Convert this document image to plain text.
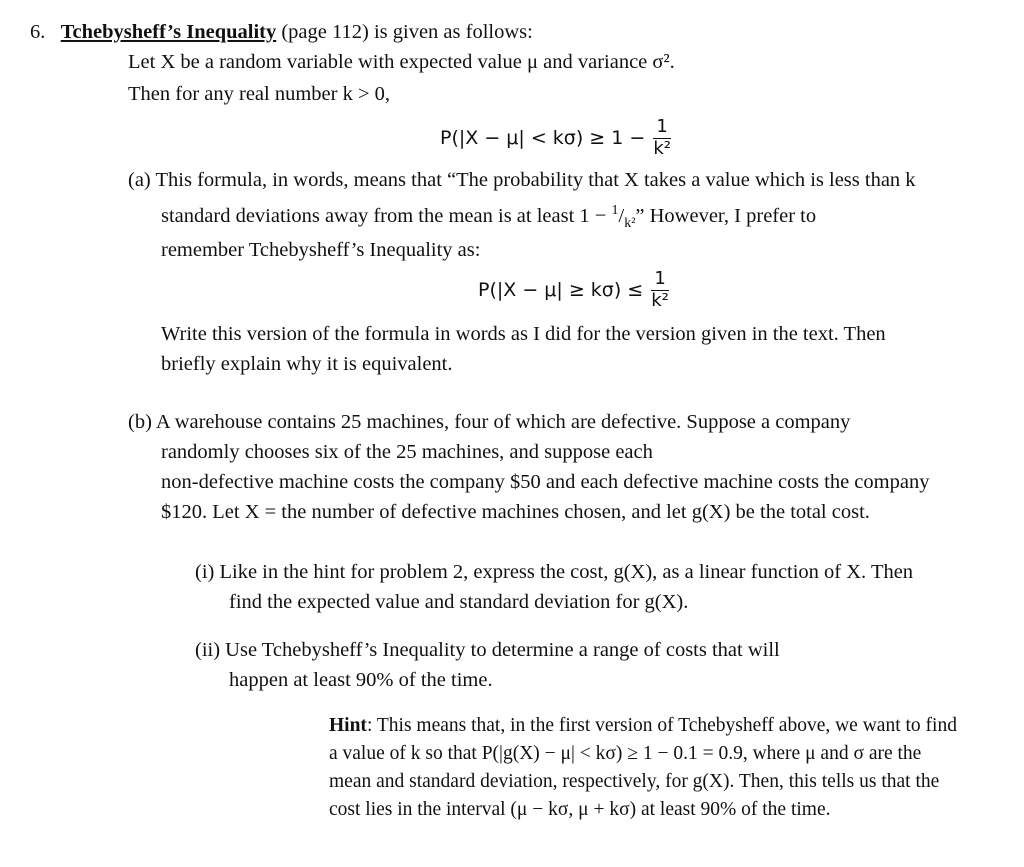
6. Tchebysheff’s Inequality (page 112) is given as follows:
Let X be a random variable with expected value μ and variance σ².
Then for any real number k > 0,
$P(|X - \mu| < k\sigma) \ge 1 - \frac{1}{\text{k²}}$
(a) This formula, in words, means that “The probability that X takes a value which is less than k
standard deviations away from the mean is at least $1 - ^1/_{k^2}$” However, I prefer to
remember Tchebysheff’s Inequality as:
$P(|X - \mu| \ge k\sigma) \le \frac{1}{\text{k²}}$
Write this version of the formula in words as I did for the version given in the text. Then
briefly explain why it is equivalent.
(b) A warehouse contains 25 machines, four of which are defective. Suppose a company
randomly chooses six of the 25 machines, and suppose each
non-defective machine costs the company $50 and each defective machine costs the company
$120. Let X = the number of defective machines chosen, and let g(X) be the total cost.
(i) Like in the hint for problem 2, express the cost, g(X), as a linear function of X. Then
find the expected value and standard deviation for g(X).
(ii) Use Tchebysheff’s Inequality to determine a range of costs that will
happen at least 90% of the time.
Hint: This means that, in the first version of Tchebysheff above, we want to find
a value of k so that P(|g(X) − μ| < kσ) ≥ 1 − 0.1 = 0.9, where μ and σ are the
mean and standard deviation, respectively, for g(X). Then, this tells us that the
cost lies in the interval (μ − kσ, μ + kσ) at least 90% of the time.
